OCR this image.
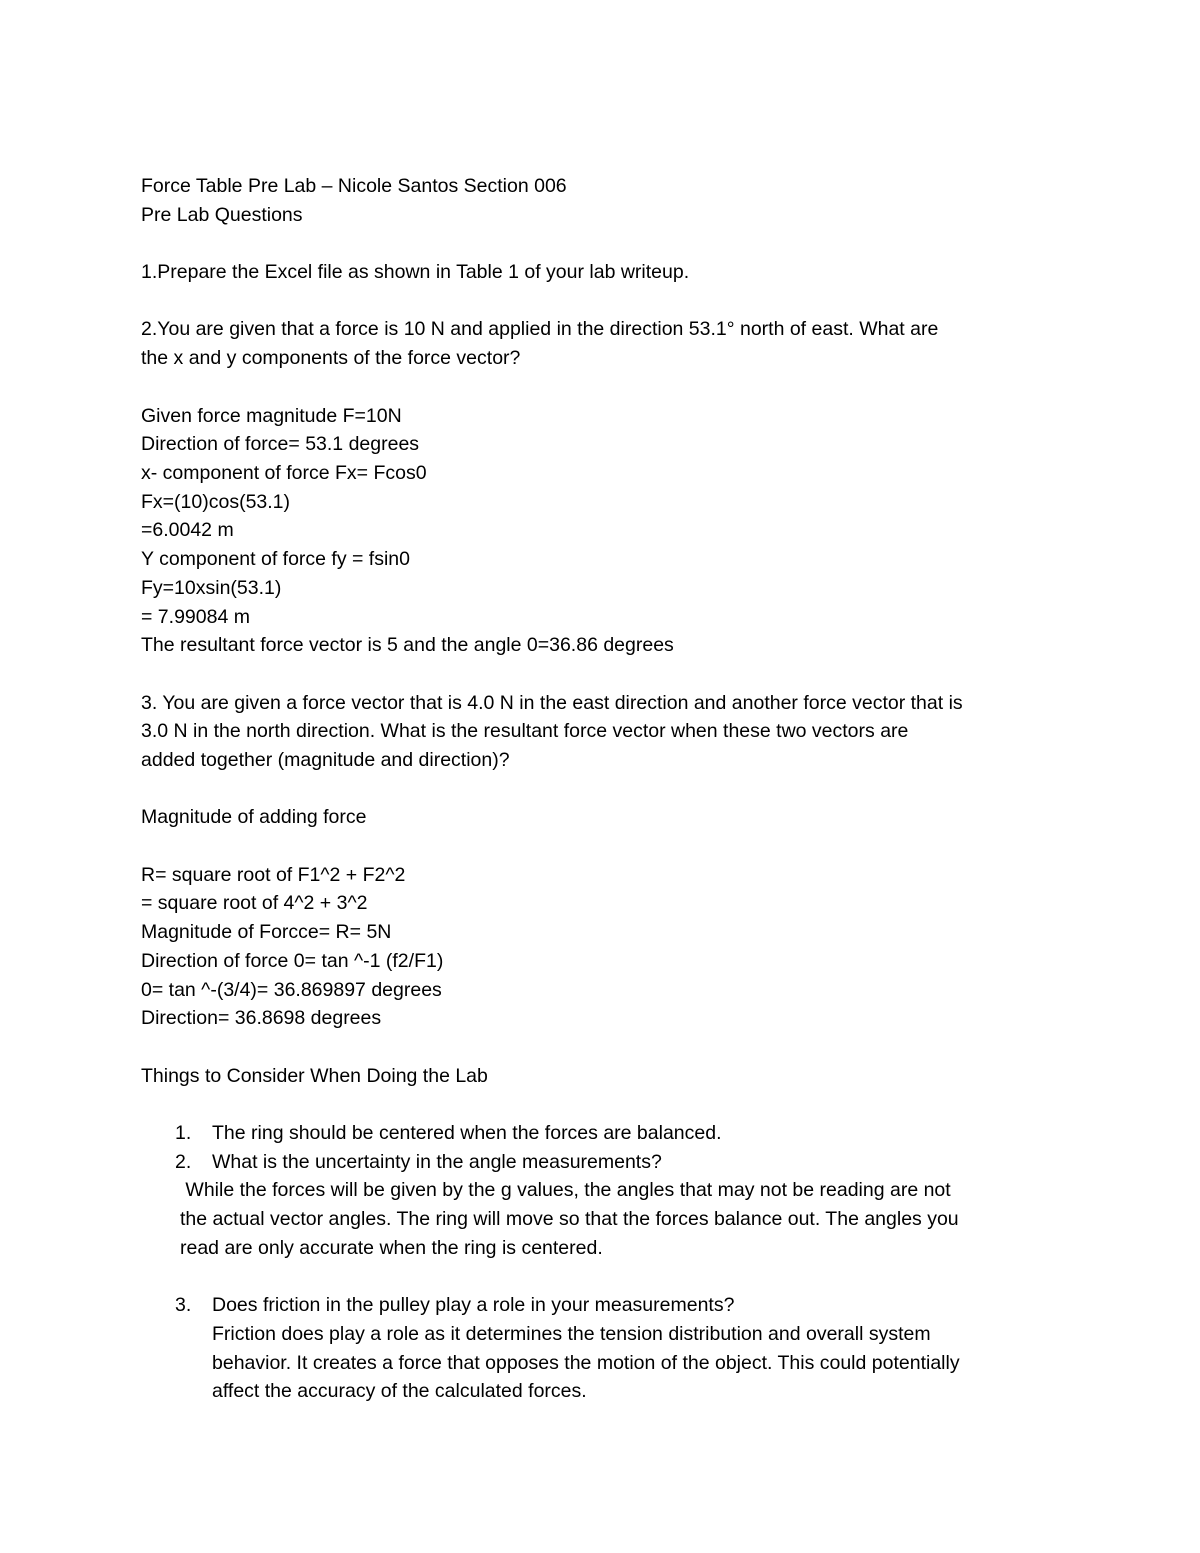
Force Table Pre Lab – Nicole Santos Section 006

Pre Lab Questions

1.Prepare the Excel file as shown in Table 1 of your lab writeup.

2.You are given that a force is 10 N and applied in the direction 53.1° north of east. What are

the x and y components of the force vector?

Given force magnitude F=10N

Direction of force= 53.1 degrees

x- component of force Fx= Fcos0

Fx=(10)cos(53.1)

=6.0042 m

Y component of force fy = fsin0

Fy=10xsin(53.1)

= 7.99084 m

The resultant force vector is 5 and the angle 0=36.86 degrees

3. You are given a force vector that is 4.0 N in the east direction and another force vector that is

3.0 N in the north direction. What is the resultant force vector when these two vectors are

added together (magnitude and direction)?

Magnitude of adding force

R= square root of F1^2 + F2^2

= square root of 4^2 + 3^2

Magnitude of Forcce= R= 5N

Direction of force 0= tan ^-1 (f2/F1)

0= tan ^-(3/4)= 36.869897 degrees

Direction= 36.8698 degrees

Things to Consider When Doing the Lab

1. The ring should be centered when the forces are balanced.

2. What is the uncertainty in the angle measurements?

While the forces will be given by the g values, the angles that may not be reading are not

the actual vector angles. The ring will move so that the forces balance out. The angles you

read are only accurate when the ring is centered.

3. Does friction in the pulley play a role in your measurements?

Friction does play a role as it determines the tension distribution and overall system

behavior. It creates a force that opposes the motion of the object. This could potentially

affect the accuracy of the calculated forces.
